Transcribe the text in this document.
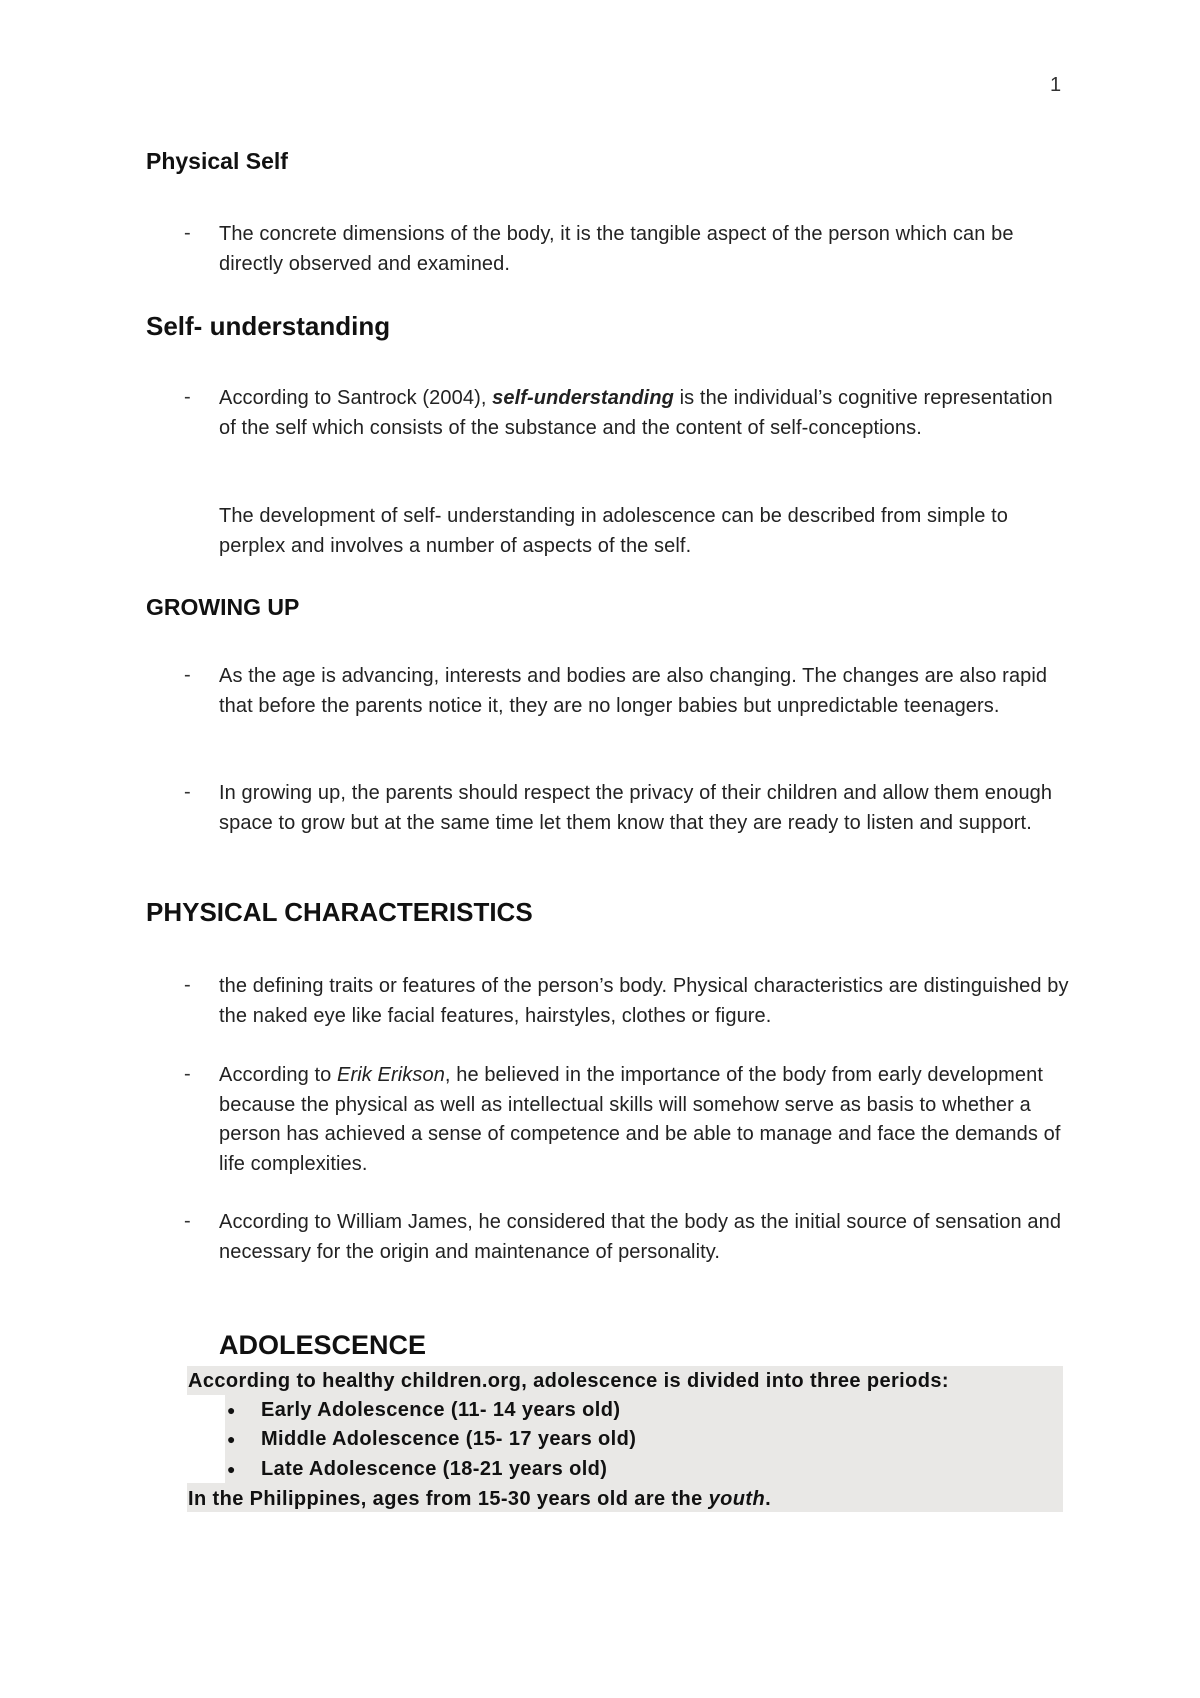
1
Physical Self
- The concrete dimensions of the body, it is the tangible aspect of the person which can be directly observed and examined.
Self- understanding
- According to Santrock (2004), self-understanding is the individual’s cognitive representation of the self which consists of the substance and the content of self-conceptions.
The development of self- understanding in adolescence can be described from simple to perplex and involves a number of aspects of the self.
GROWING UP
- As the age is advancing, interests and bodies are also changing. The changes are also rapid that before the parents notice it, they are no longer babies but unpredictable teenagers.
- In growing up, the parents should respect the privacy of their children and allow them enough space to grow but at the same time let them know that they are ready to listen and support.
PHYSICAL CHARACTERISTICS
- the defining traits or features of the person’s body. Physical characteristics are distinguished by the naked eye like facial features, hairstyles, clothes or figure.
- According to Erik Erikson, he believed in the importance of the body from early development because the physical as well as intellectual skills will somehow serve as basis to whether a person has achieved a sense of competence and be able to manage and face the demands of life complexities.
- According to William James, he considered that the body as the initial source of sensation and necessary for the origin and maintenance of personality.
ADOLESCENCE
According to healthy children.org, adolescence is divided into three periods:
● Early Adolescence (11- 14 years old)
● Middle Adolescence (15- 17 years old)
● Late Adolescence (18-21 years old)
In the Philippines, ages from 15-30 years old are the youth.
